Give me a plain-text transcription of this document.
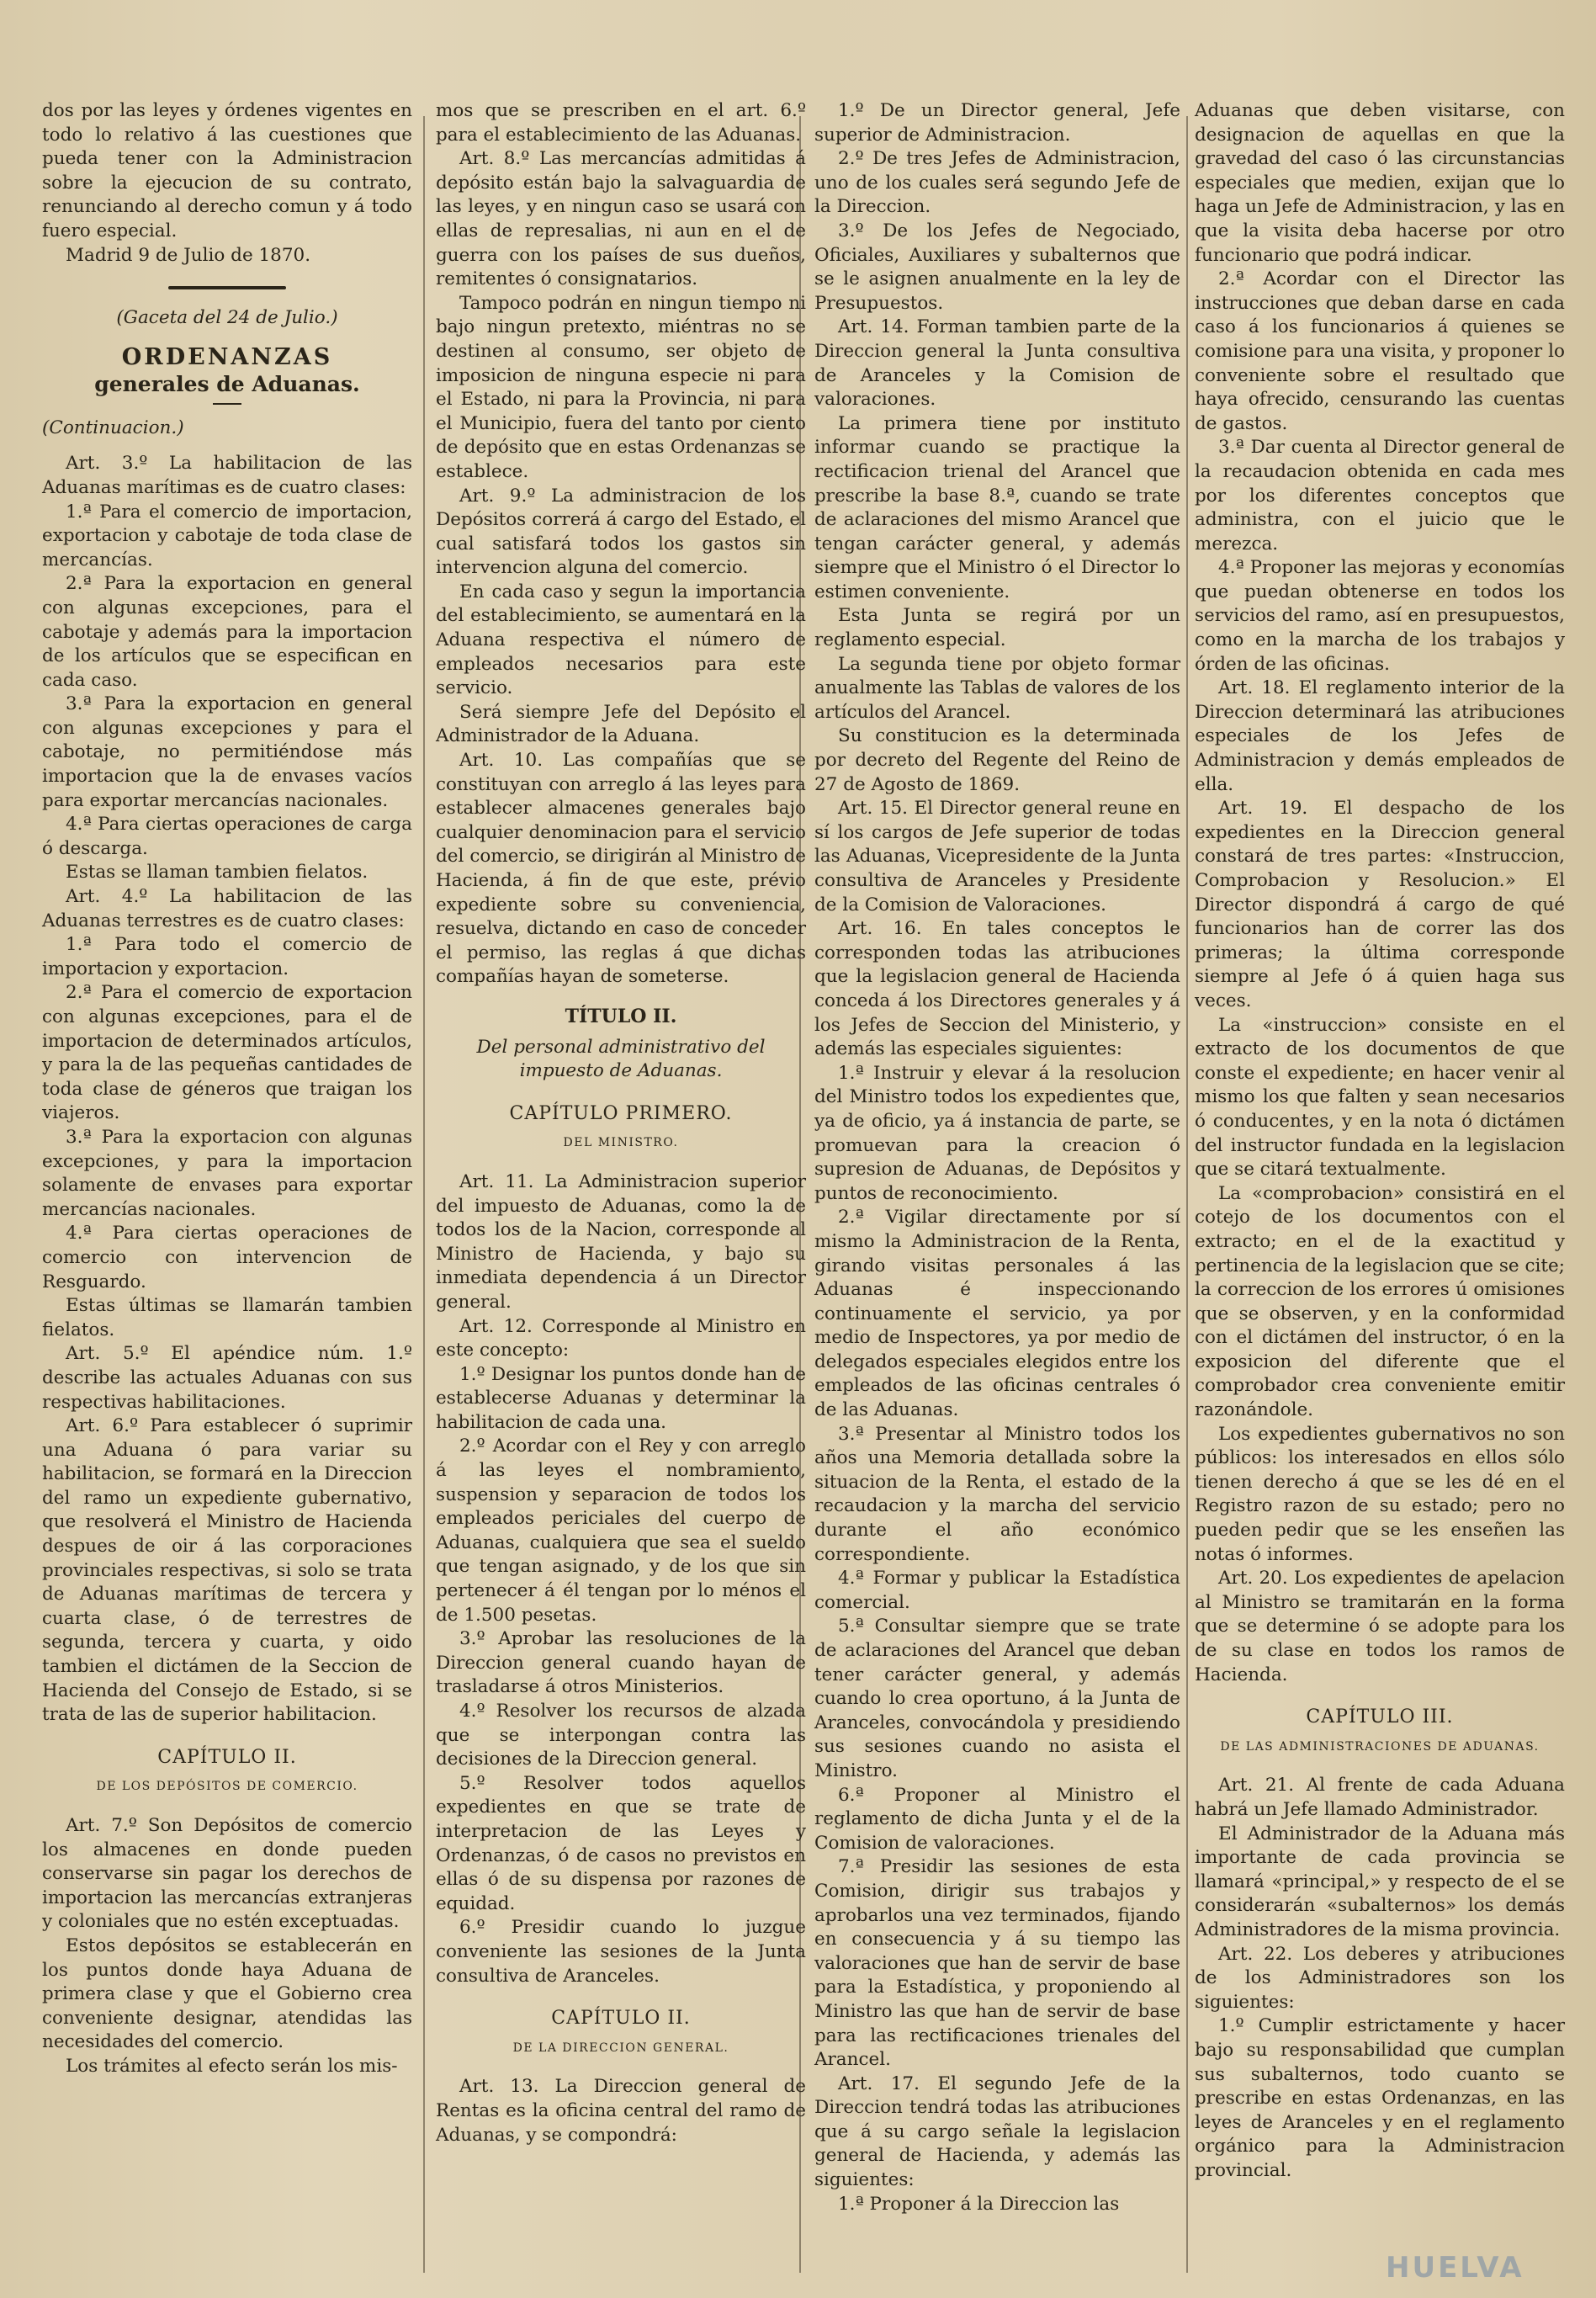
dos por las leyes y órdenes vigentes en todo lo relativo á las cuestiones que pueda tener con la Administracion sobre la ejecucion de su contrato, renunciando al derecho comun y á todo fuero especial.

Madrid 9 de Julio de 1870.

(Gaceta del 24 de Julio.)

ORDENANZAS

generales de Aduanas.

(Continuacion.)

Art. 3.º La habilitacion de las Aduanas marítimas es de cuatro clases:

1.ª Para el comercio de importacion, exportacion y cabotaje de toda clase de mercancías.

2.ª Para la exportacion en general con algunas excepciones, para el cabotaje y además para la importacion de los artículos que se especifican en cada caso.

3.ª Para la exportacion en general con algunas excepciones y para el cabotaje, no permitiéndose más importacion que la de envases vacíos para exportar mercancías nacionales.

4.ª Para ciertas operaciones de carga ó descarga.

Estas se llaman tambien fielatos.

Art. 4.º La habilitacion de las Aduanas terrestres es de cuatro clases:

1.ª Para todo el comercio de importacion y exportacion.

2.ª Para el comercio de exportacion con algunas excepciones, para el de importacion de determinados artículos, y para la de las pequeñas cantidades de toda clase de géneros que traigan los viajeros.

3.ª Para la exportacion con algunas excepciones, y para la importacion solamente de envases para exportar mercancías nacionales.

4.ª Para ciertas operaciones de comercio con intervencion de Resguardo.

Estas últimas se llamarán tambien fielatos.

Art. 5.º El apéndice núm. 1.º describe las actuales Aduanas con sus respectivas habilitaciones.

Art. 6.º Para establecer ó suprimir una Aduana ó para variar su habilitacion, se formará en la Direccion del ramo un expediente gubernativo, que resolverá el Ministro de Hacienda despues de oir á las corporaciones provinciales respectivas, si solo se trata de Aduanas marítimas de tercera y cuarta clase, ó de terrestres de segunda, tercera y cuarta, y oido tambien el dictámen de la Seccion de Hacienda del Consejo de Estado, si se trata de las de superior habilitacion.

CAPÍTULO II.

DE LOS DEPÓSITOS DE COMERCIO.

Art. 7.º Son Depósitos de comercio los almacenes en donde pueden conservarse sin pagar los derechos de importacion las mercancías extranjeras y coloniales que no estén exceptuadas.

Estos depósitos se establecerán en los puntos donde haya Aduana de primera clase y que el Gobierno crea conveniente designar, atendidas las necesidades del comercio.

Los trámites al efecto serán los mis-

mos que se prescriben en el art. 6.º para el establecimiento de las Aduanas.

Art. 8.º Las mercancías admitidas á depósito están bajo la salvaguardia de las leyes, y en ningun caso se usará con ellas de represalias, ni aun en el de guerra con los países de sus dueños, remitentes ó consignatarios.

Tampoco podrán en ningun tiempo ni bajo ningun pretexto, miéntras no se destinen al consumo, ser objeto de imposicion de ninguna especie ni para el Estado, ni para la Provincia, ni para el Municipio, fuera del tanto por ciento de depósito que en estas Ordenanzas se establece.

Art. 9.º La administracion de los Depósitos correrá á cargo del Estado, el cual satisfará todos los gastos sin intervencion alguna del comercio.

En cada caso y segun la importancia del establecimiento, se aumentará en la Aduana respectiva el número de empleados necesarios para este servicio.

Será siempre Jefe del Depósito el Administrador de la Aduana.

Art. 10. Las compañías que se constituyan con arreglo á las leyes para establecer almacenes generales bajo cualquier denominacion para el servicio del comercio, se dirigirán al Ministro de Hacienda, á fin de que este, prévio expediente sobre su conveniencia, resuelva, dictando en caso de conceder el permiso, las reglas á que dichas compañías hayan de someterse.

TÍTULO II.

Del personal administrativo del impuesto de Aduanas.

CAPÍTULO PRIMERO.

DEL MINISTRO.

Art. 11. La Administracion superior del impuesto de Aduanas, como la de todos los de la Nacion, corresponde al Ministro de Hacienda, y bajo su inmediata dependencia á un Director general.

Art. 12. Corresponde al Ministro en este concepto:

1.º Designar los puntos donde han de establecerse Aduanas y determinar la habilitacion de cada una.

2.º Acordar con el Rey y con arreglo á las leyes el nombramiento, suspension y separacion de todos los empleados periciales del cuerpo de Aduanas, cualquiera que sea el sueldo que tengan asignado, y de los que sin pertenecer á él tengan por lo ménos el de 1.500 pesetas.

3.º Aprobar las resoluciones de la Direccion general cuando hayan de trasladarse á otros Ministerios.

4.º Resolver los recursos de alzada que se interpongan contra las decisiones de la Direccion general.

5.º Resolver todos aquellos expedientes en que se trate de interpretacion de las Leyes y Ordenanzas, ó de casos no previstos en ellas ó de su dispensa por razones de equidad.

6.º Presidir cuando lo juzgue conveniente las sesiones de la Junta consultiva de Aranceles.

CAPÍTULO II.

DE LA DIRECCION GENERAL.

Art. 13. La Direccion general de Rentas es la oficina central del ramo de Aduanas, y se compondrá:

1.º De un Director general, Jefe superior de Administracion.

2.º De tres Jefes de Administracion, uno de los cuales será segundo Jefe de la Direccion.

3.º De los Jefes de Negociado, Oficiales, Auxiliares y subalternos que se le asignen anualmente en la ley de Presupuestos.

Art. 14. Forman tambien parte de la Direccion general la Junta consultiva de Aranceles y la Comision de valoraciones.

La primera tiene por instituto informar cuando se practique la rectificacion trienal del Arancel que prescribe la base 8.ª, cuando se trate de aclaraciones del mismo Arancel que tengan carácter general, y además siempre que el Ministro ó el Director lo estimen conveniente.

Esta Junta se regirá por un reglamento especial.

La segunda tiene por objeto formar anualmente las Tablas de valores de los artículos del Arancel.

Su constitucion es la determinada por decreto del Regente del Reino de 27 de Agosto de 1869.

Art. 15. El Director general reune en sí los cargos de Jefe superior de todas las Aduanas, Vicepresidente de la Junta consultiva de Aranceles y Presidente de la Comision de Valoraciones.

Art. 16. En tales conceptos le corresponden todas las atribuciones que la legislacion general de Hacienda conceda á los Directores generales y á los Jefes de Seccion del Ministerio, y además las especiales siguientes:

1.ª Instruir y elevar á la resolucion del Ministro todos los expedientes que, ya de oficio, ya á instancia de parte, se promuevan para la creacion ó supresion de Aduanas, de Depósitos y puntos de reconocimiento.

2.ª Vigilar directamente por sí mismo la Administracion de la Renta, girando visitas personales á las Aduanas é inspeccionando continuamente el servicio, ya por medio de Inspectores, ya por medio de delegados especiales elegidos entre los empleados de las oficinas centrales ó de las Aduanas.

3.ª Presentar al Ministro todos los años una Memoria detallada sobre la situacion de la Renta, el estado de la recaudacion y la marcha del servicio durante el año económico correspondiente.

4.ª Formar y publicar la Estadística comercial.

5.ª Consultar siempre que se trate de aclaraciones del Arancel que deban tener carácter general, y además cuando lo crea oportuno, á la Junta de Aranceles, convocándola y presidiendo sus sesiones cuando no asista el Ministro.

6.ª Proponer al Ministro el reglamento de dicha Junta y el de la Comision de valoraciones.

7.ª Presidir las sesiones de esta Comision, dirigir sus trabajos y aprobarlos una vez terminados, fijando en consecuencia y á su tiempo las valoraciones que han de servir de base para la Estadística, y proponiendo al Ministro las que han de servir de base para las rectificaciones trienales del Arancel.

Art. 17. El segundo Jefe de la Direccion tendrá todas las atribuciones que á su cargo señale la legislacion general de Hacienda, y además las siguientes:

1.ª Proponer á la Direccion las

Aduanas que deben visitarse, con designacion de aquellas en que la gravedad del caso ó las circunstancias especiales que medien, exijan que lo haga un Jefe de Administracion, y las en que la visita deba hacerse por otro funcionario que podrá indicar.

2.ª Acordar con el Director las instrucciones que deban darse en cada caso á los funcionarios á quienes se comisione para una visita, y proponer lo conveniente sobre el resultado que haya ofrecido, censurando las cuentas de gastos.

3.ª Dar cuenta al Director general de la recaudacion obtenida en cada mes por los diferentes conceptos que administra, con el juicio que le merezca.

4.ª Proponer las mejoras y economías que puedan obtenerse en todos los servicios del ramo, así en presupuestos, como en la marcha de los trabajos y órden de las oficinas.

Art. 18. El reglamento interior de la Direccion determinará las atribuciones especiales de los Jefes de Administracion y demás empleados de ella.

Art. 19. El despacho de los expedientes en la Direccion general constará de tres partes: «Instruccion, Comprobacion y Resolucion.» El Director dispondrá á cargo de qué funcionarios han de correr las dos primeras; la última corresponde siempre al Jefe ó á quien haga sus veces.

La «instruccion» consiste en el extracto de los documentos de que conste el expediente; en hacer venir al mismo los que falten y sean necesarios ó conducentes, y en la nota ó dictámen del instructor fundada en la legislacion que se citará textualmente.

La «comprobacion» consistirá en el cotejo de los documentos con el extracto; en el de la exactitud y pertinencia de la legislacion que se cite; la correccion de los errores ú omisiones que se observen, y en la conformidad con el dictámen del instructor, ó en la exposicion del diferente que el comprobador crea conveniente emitir razonándole.

Los expedientes gubernativos no son públicos: los interesados en ellos sólo tienen derecho á que se les dé en el Registro razon de su estado; pero no pueden pedir que se les enseñen las notas ó informes.

Art. 20. Los expedientes de apelacion al Ministro se tramitarán en la forma que se determine ó se adopte para los de su clase en todos los ramos de Hacienda.

CAPÍTULO III.

DE LAS ADMINISTRACIONES DE ADUANAS.

Art. 21. Al frente de cada Aduana habrá un Jefe llamado Administrador.

El Administrador de la Aduana más importante de cada provincia se llamará «principal,» y respecto de el se considerarán «subalternos» los demás Administradores de la misma provincia.

Art. 22. Los deberes y atribuciones de los Administradores son los siguientes:

1.º Cumplir estrictamente y hacer bajo su responsabilidad que cumplan sus subalternos, todo cuanto se prescribe en estas Ordenanzas, en las leyes de Aranceles y en el reglamento orgánico para la Administracion provincial.

HUELVA
